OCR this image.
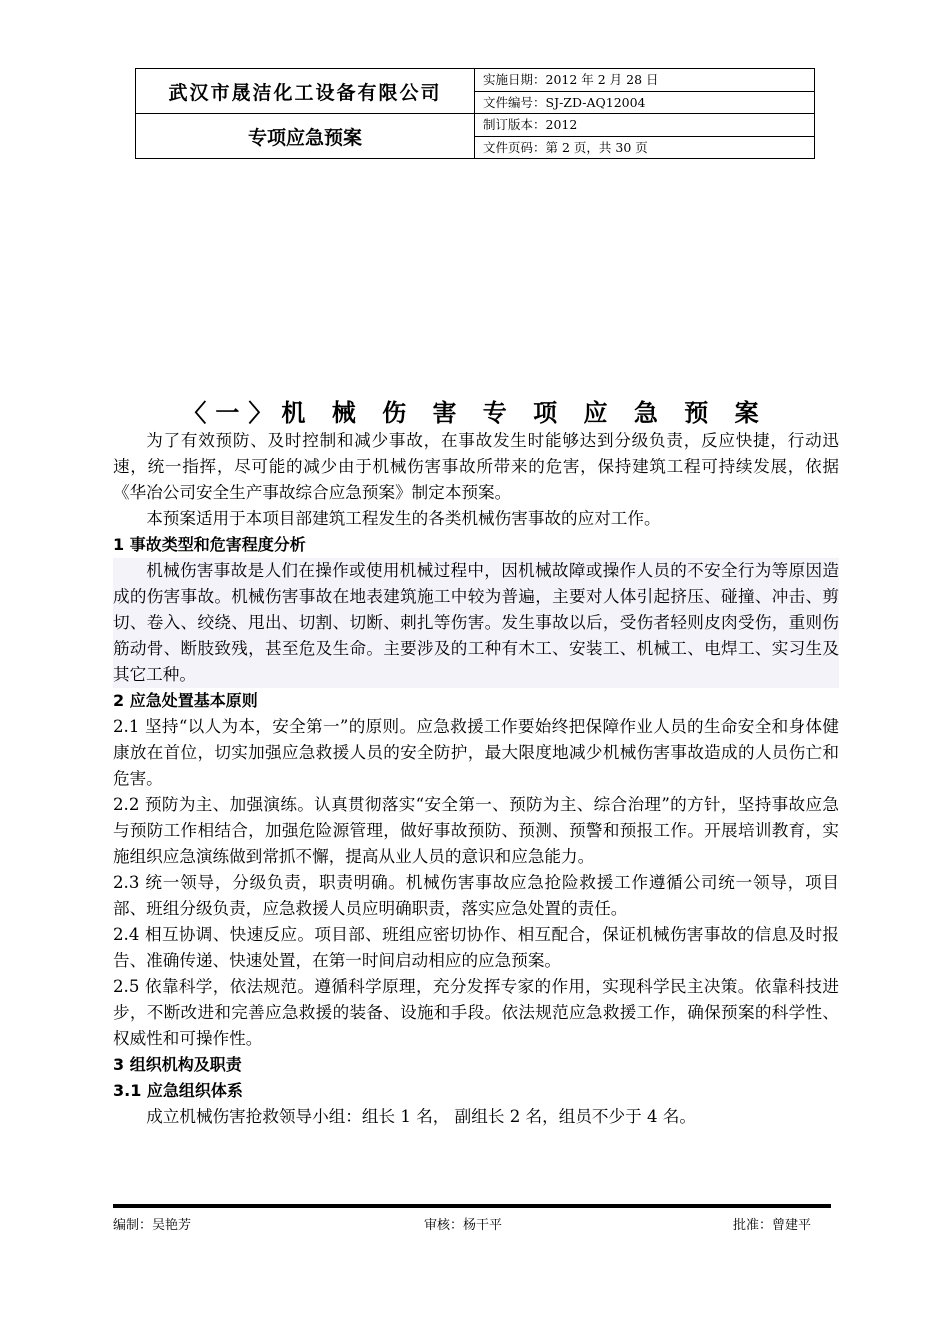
武汉市晟洁化工设备有限公司	实施日期：2012 年 2 月 28 日
	文件编号：SJ-ZD-AQ12004
专项应急预案	制订版本：2012
	文件页码：第 2 页，共 30 页
〈一〉机 械 伤 害 专 项 应 急 预 案

为了有效预防、及时控制和减少事故，在事故发生时能够达到分级负责，反应快捷，行动迅速，统一指挥，尽可能的减少由于机械伤害事故所带来的危害，保持建筑工程可持续发展，依据《华冶公司安全生产事故综合应急预案》制定本预案。

本预案适用于本项目部建筑工程发生的各类机械伤害事故的应对工作。

1 事故类型和危害程度分析

机械伤害事故是人们在操作或使用机械过程中，因机械故障或操作人员的不安全行为等原因造成的伤害事故。机械伤害事故在地表建筑施工中较为普遍，主要对人体引起挤压、碰撞、冲击、剪切、卷入、绞绕、甩出、切割、切断、刺扎等伤害。发生事故以后，受伤者轻则皮肉受伤，重则伤筋动骨、断肢致残，甚至危及生命。主要涉及的工种有木工、安装工、机械工、电焊工、实习生及其它工种。

2 应急处置基本原则

2.1 坚持“以人为本，安全第一”的原则。应急救援工作要始终把保障作业人员的生命安全和身体健康放在首位，切实加强应急救援人员的安全防护，最大限度地减少机械伤害事故造成的人员伤亡和危害。

2.2 预防为主、加强演练。认真贯彻落实“安全第一、预防为主、综合治理”的方针，坚持事故应急与预防工作相结合，加强危险源管理，做好事故预防、预测、预警和预报工作。开展培训教育，实施组织应急演练做到常抓不懈，提高从业人员的意识和应急能力。

2.3 统一领导，分级负责，职责明确。机械伤害事故应急抢险救援工作遵循公司统一领导，项目部、班组分级负责，应急救援人员应明确职责，落实应急处置的责任。

2.4 相互协调、快速反应。项目部、班组应密切协作、相互配合，保证机械伤害事故的信息及时报告、准确传递、快速处置，在第一时间启动相应的应急预案。

2.5 依靠科学，依法规范。遵循科学原理，充分发挥专家的作用，实现科学民主决策。依靠科技进步，不断改进和完善应急救援的装备、设施和手段。依法规范应急救援工作，确保预案的科学性、权威性和可操作性。

3 组织机构及职责

3.1 应急组织体系

成立机械伤害抢救领导小组：组长 1 名， 副组长 2 名，组员不少于 4 名。

编制：吴艳芳	审核：杨干平	批准：曾建平
